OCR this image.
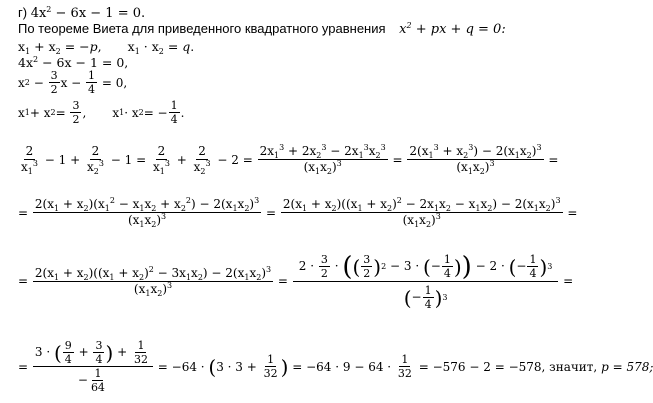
г) $4x^2 - 6x - 1 = 0$.
По теореме Виета для приведенного квадратного уравнения $x^2$ + px + q = 0:
$x_1 + x_2 = -p$, $x_1 \cdot x_2 = q$.
$4x^2 - 6x - 1 = 0$,
x $2 - \frac{3}{2}$ $x - \frac{1}{4} = 0$,
x 1 + x $2 = \frac{3}{2}$ , x 1 · x 2 = − $\frac{1}{4}$ .
$\frac{2}{x_1^3} - 1 + \frac{2}{x_2^3} - 1 = \frac{2}{x_1^3} + \frac{2}{x_2^3} - 2 = \frac{2x_1^3 + 2x_2^3 - 2x_1^3x_2^3}{(x_1x_2)^3} = \frac{2(x_1^3 + x_2^3) - 2(x_1x_2)^3}{(x_1x_2)^3}$ =
= $\frac{2(x_1 + x_2)(x_1^2 - x_1x_2 + x_2^2) - 2(x_1x_2)^3}{(x_1x_2)^3} = \frac{2(x_1 + x_2)((x_1 + x_2)^2 - 2x_1x_2 - x_1x_2) - 2(x_1x_2)^3}{(x_1x_2)^3}$ =
= $\frac{2(x_1 + x_2)((x_1 + x_2)^2 - 3x_1x_2) - 2(x_1x_2)^3}{(x_1x_2)^3}$ =
$2 \cdot \frac{3}{2}$ · ( ( $\frac{3}{2}$ ) 2 − 3 · ( − $\frac{1}{4}$ ) ) − 2 · ( − $\frac{1}{4}$ ) 3
( − $\frac{1}{4}$ ) 3
=
=
3 · ( $\frac{9}{4} + \frac{3}{4}$ ) + $\frac{1}{32}$
− $\frac{1}{64}$
= −64 · ( $3 \cdot 3 + \frac{1}{32}$ ) = $-64 \cdot 9 - 64 \cdot \frac{1}{32} = -576 - 2 = -578$, значит,
p = 578;
